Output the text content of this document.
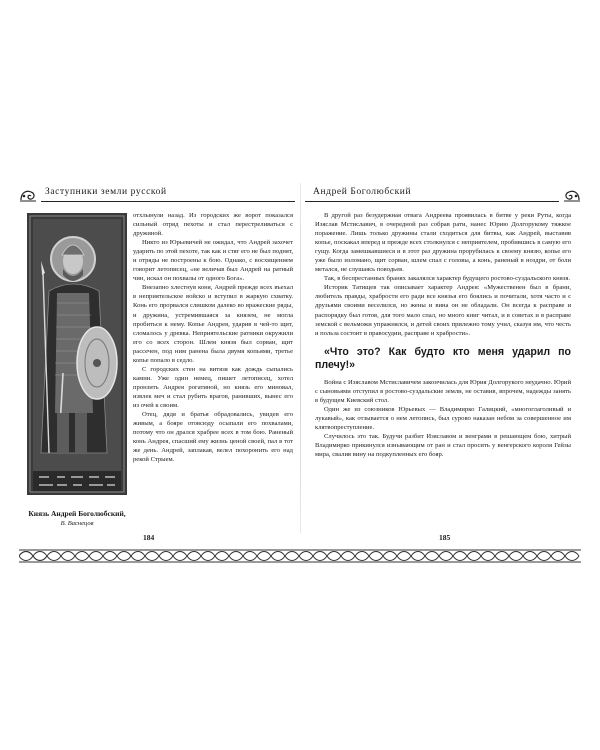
Заступники земли русской
Князь Андрей Боголюбский,
В. Васнецов

отхлынули назад. Из городских же ворот показался сильный отряд пехоты и стал перестреливаться с дружиной.

Никто из Юрьевичей не ожидал, что Андрей захочет ударить по этой пехоте, так как и стяг его не был поднят, и отряды не построены к бою. Однако, с восхищением говорит летописец, «не величав был Андрей на ратный чин, искал он похвалы от одного Бога».

Внезапно хлестнув коня, Андрей прежде всех въехал в неприятельское войско и вступил в жаркую схватку. Конь его прорвался слишком далеко во вражеские ряды, и дружина, устремившаяся за князем, не могла пробиться к нему. Копье Андрея, ударив в чей-то щит, сломалось у древка. Неприятельские ратники окружили его со всех сторон. Шлем князя был сорван, щит рассечен, под ним ранена была двумя копьями, третье копье попало в седло.

С городских стен на витязя как дождь сыпались камни. Уже один немец, пишет летописец, хотел пронзить Андрея рогатиной, но князь его миновал, извлек меч и стал рубить врагов, ранивших, вынес его из очей к своим.

Отец, дядя и братья обрадовались, увидев его живым, а бояре отовсюду осыпали его похвалами, потому что он дрался храбрее всех в том бою. Раненый конь Андрея, спасший ему жизнь ценой своей, пал в тот же день. Андрей, заплакав, велел похоронить его над рекой Стрыем.

184
Андрей Боголюбский

В другой раз безудержная отвага Андреева проявилась в битве у реки Руты, когда Изяслав Мстиславич, в очередной раз собрав рати, нанес Юрию Долгорукому тяжкое поражение. Лишь только дружины стали сходиться для битвы, как Андрей, выставив копье, поскакал вперед и прежде всех столкнулся с неприятелем, пробившись в самую его гущу. Когда замешкавшиеся и в этот раз дружина прорубилась к своему князю, копье его уже было изломано, щит сорван, шлем спал с головы, а конь, раненый в ноздри, от боли метался, не слушаясь поводьев.

Так, в беспрестанных бранях закалялся характер будущего ростово-суздальского князя.

Историк Татищев так описывает характер Андрея: «Мужественен был в брани, любитель правды, храбрости его ради все князья его боялись и почитали, хотя часто и с друзьями своими веселился, но жены и вина он не обладали. Он всегда к расправе и распорядку был готов, для того мало спал, но много книг читал, и в советах и в расправе земской с вельможи упражнялся, и детей своих прилежно тому учил, сказуя им, что честь и польза состоит в правосудии, расправе и храбрости».

«Что это? Как будто кто меня ударил по плечу!»

Война с Изяславом Мстиславичем закончилась для Юрия Долгорукого неудачно. Юрий с сыновьями отступил в ростово-суздальские земли, не оставив, впрочем, надежды занять в будущем Киевский стол.

Один же из союзников Юрьевых — Владимирко Галицкий, «многоглаголивый и лукавый», как отзывается о нем летопись, был сурово наказан небом за совершенное им клятвопреступление.

Случилось это так. Будучи разбит Изяславом и венграми в решающем бою, хитрый Владимирко прикинулся изнывающим от ран и стал просить у венгерского короля Гейзы мира, свалив вину на подкупленных его бояр.

185
